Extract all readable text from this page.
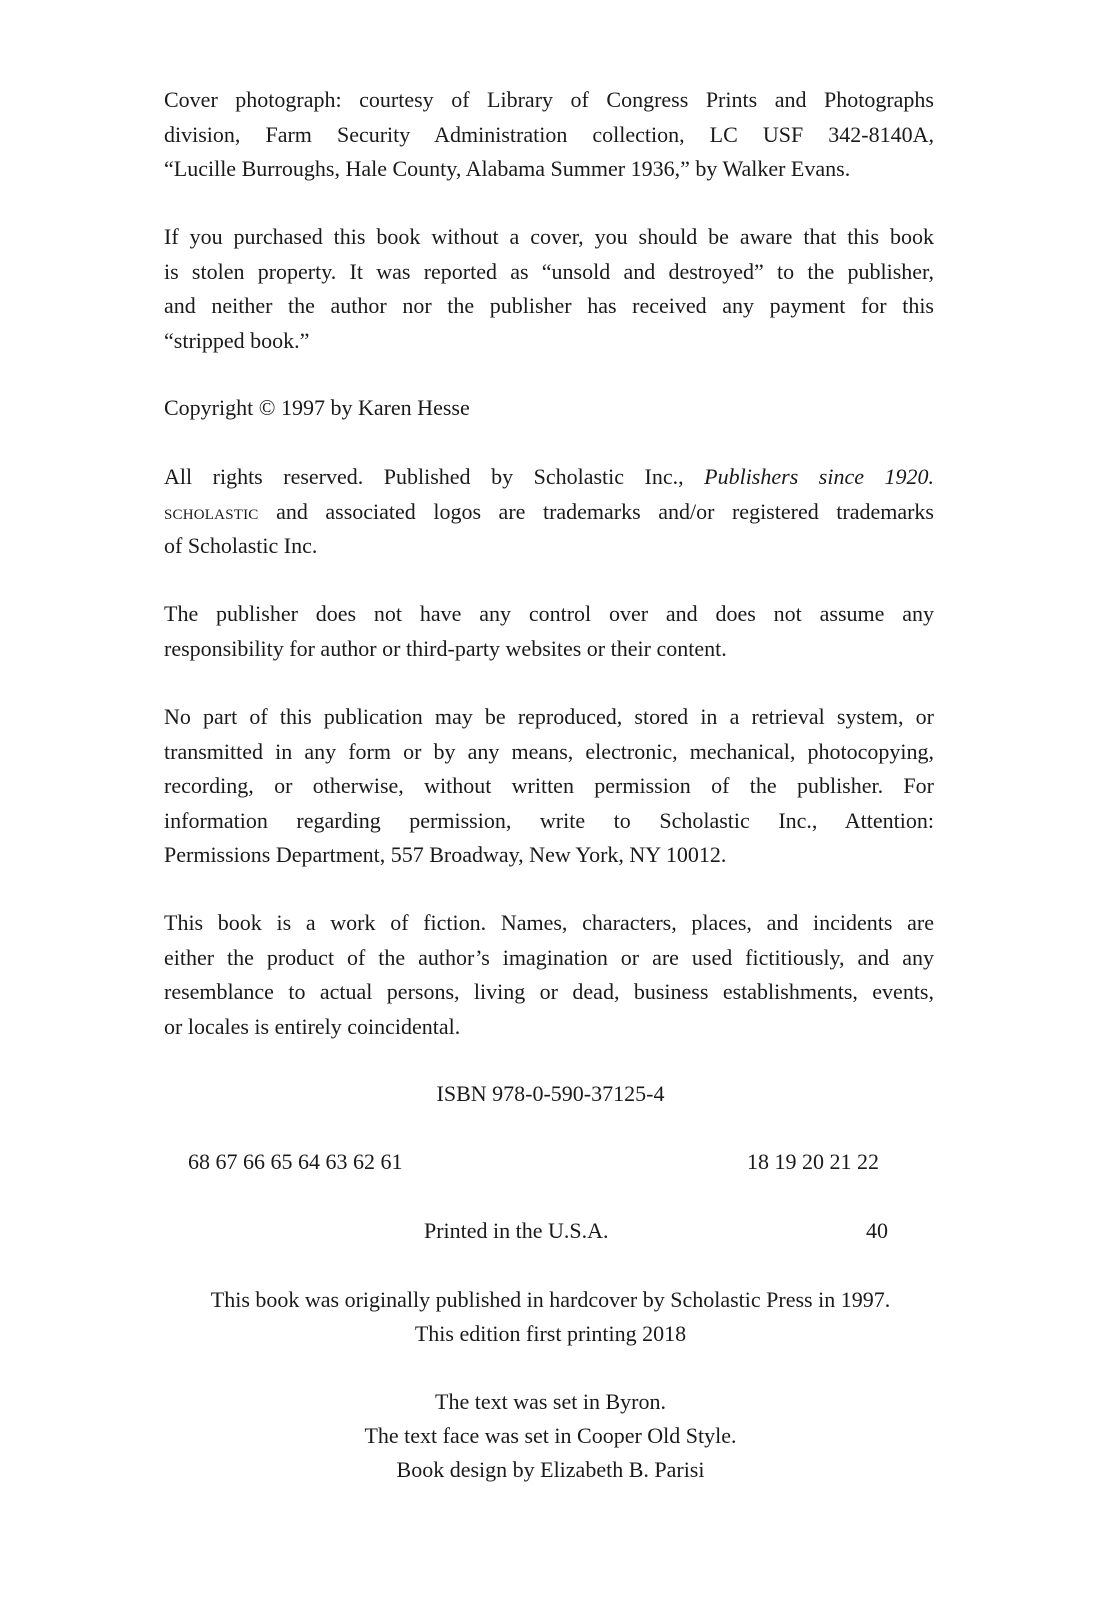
Cover photograph: courtesy of Library of Congress Prints and Photographs
division, Farm Security Administration collection, LC USF 342-8140A,
“Lucille Burroughs, Hale County, Alabama Summer 1936,” by Walker Evans.
If you purchased this book without a cover, you should be aware that this book
is stolen property. It was reported as “unsold and destroyed” to the publisher,
and neither the author nor the publisher has received any payment for this
“stripped book.”
Copyright © 1997 by Karen Hesse
All rights reserved. Published by Scholastic Inc., Publishers since 1920.
scholastic and associated logos are trademarks and/or registered trademarks
of Scholastic Inc.
The publisher does not have any control over and does not assume any
responsibility for author or third-party websites or their content.
No part of this publication may be reproduced, stored in a retrieval system, or
transmitted in any form or by any means, electronic, mechanical, photocopying,
recording, or otherwise, without written permission of the publisher. For
information regarding permission, write to Scholastic Inc., Attention:
Permissions Department, 557 Broadway, New York, NY 10012.
This book is a work of fiction. Names, characters, places, and incidents are
either the product of the author’s imagination or are used fictitiously, and any
resemblance to actual persons, living or dead, business establishments, events,
or locales is entirely coincidental.

ISBN 978-0-590-37125-4

68 67 66 65 64 63 62 61	18 19 20 21 22

Printed in the U.S.A.	40

This book was originally published in hardcover by Scholastic Press in 1997.

This edition first printing 2018

The text was set in Byron.

The text face was set in Cooper Old Style.

Book design by Elizabeth B. Parisi
